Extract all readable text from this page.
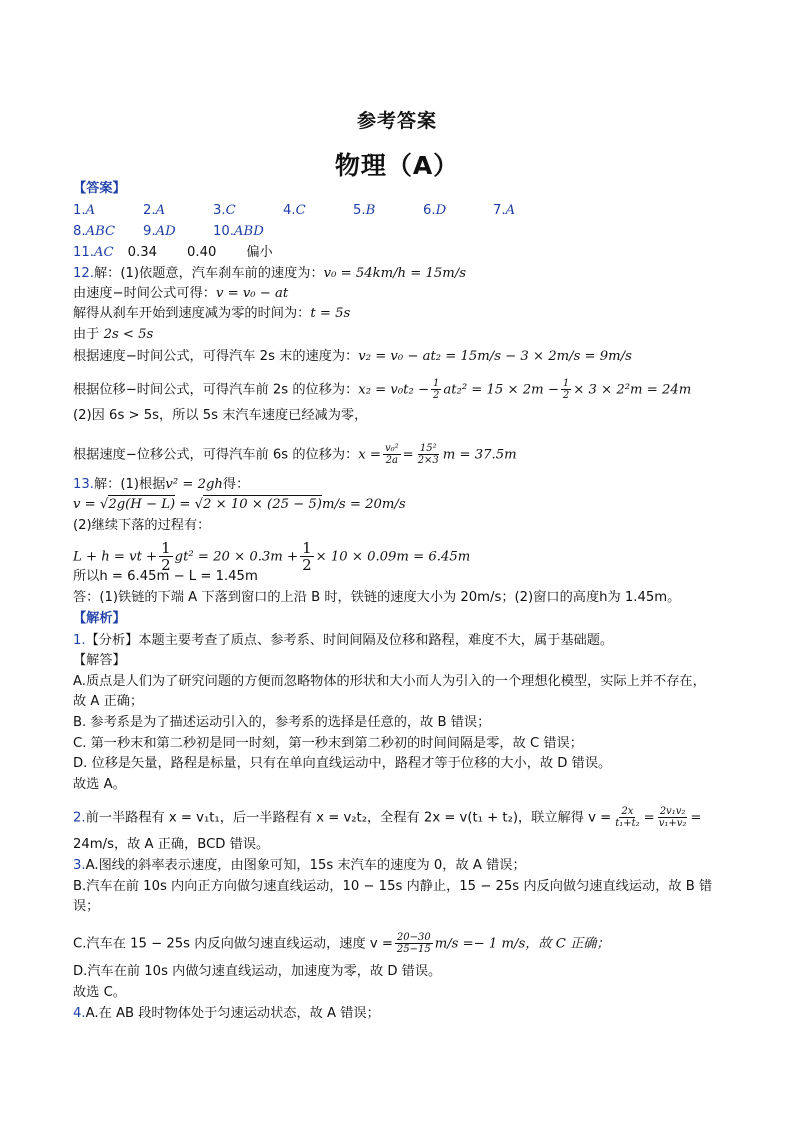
参考答案
物理（A）
【答案】
1.A	2.A	3.C	4.C	5.B	6.D	7.A
8.ABC 9.AD	10.ABD
11.AC 0.34 0.40 偏小
12.解：(1)依题意，汽车刹车前的速度为：v₀ = 54km/h = 15m/s
由速度−时间公式可得：v = v₀ − at
解得从刹车开始到速度减为零的时间为：t = 5s
由于 2s < 5s
根据速度−时间公式，可得汽车 2s 末的速度为：v₂ = v₀ − at₂ = 15m/s − 3 × 2m/s = 9m/s
根据位移−时间公式，可得汽车前 2s 的位移为：$x_2 = v_0t_2 - \frac{1}{2} at_2^2 = 15 \times 2m - \frac{1}{2} \times 3 \times 2^2m = 24m$
(2)因 6s > 5s，所以 5s 末汽车速度已经减为零，
根据速度−位移公式，可得汽车前 6s 的位移为：$x = \frac{\text{v₀²}}{2a} = \frac{\text{15²}}{2\times 3}$ m = 37.5m
13.解：(1)根据v² = 2gh得：
v = √2g(H − L) = √2 × 10 × (25 − 5)m/s = 20m/s
(2)继续下落的过程有：
L + h = vt + $\frac{1}{2} gt^2 = 20 \times 0.3m + \frac{1}{2} \times 10 \times 0.09m = 6.45m$
所以h = 6.45m − L = 1.45m
答：(1)铁链的下端 A 下落到窗口的上沿 B 时，铁链的速度大小为 20m/s；(2)窗口的高度h为 1.45m。
【解析】
1.【分析】本题主要考查了质点、参考系、时间间隔及位移和路程，难度不大，属于基础题。
【解答】
A.质点是人们为了研究问题的方便而忽略物体的形状和大小而人为引入的一个理想化模型，实际上并不存在，
故 A 正确；
B. 参考系是为了描述运动引入的，参考系的选择是任意的，故 B 错误；
C. 第一秒末和第二秒初是同一时刻，第一秒末到第二秒初的时间间隔是零，故 C 错误；
D. 位移是矢量，路程是标量，只有在单向直线运动中，路程才等于位移的大小，故 D 错误。
故选 A。
2.前一半路程有 x = v₁t₁，后一半路程有 x = v₂t₂，全程有 2x = v(t₁ + t₂)，联立解得 $v = \frac{2x}{\text{t₁+t₂}} = \frac{\text{2v₁v₂}}{\text{v₁+v₂}}$ =
24m/s，故 A 正确，BCD 错误。
3.A.图线的斜率表示速度，由图象可知，15s 末汽车的速度为 0，故 A 错误；
B.汽车在前 10s 内向正方向做匀速直线运动，10 − 15s 内静止，15 − 25s 内反向做匀速直线运动，故 B 错
误；
C.汽车在 15 − 25s 内反向做匀速直线运动，速度 $v = \frac{20-30}{25-15} m/s =- 1$ m/s，故 C 正确；
D.汽车在前 10s 内做匀速直线运动，加速度为零，故 D 错误。
故选 C。
4.A.在 AB 段时物体处于匀速运动状态，故 A 错误；
